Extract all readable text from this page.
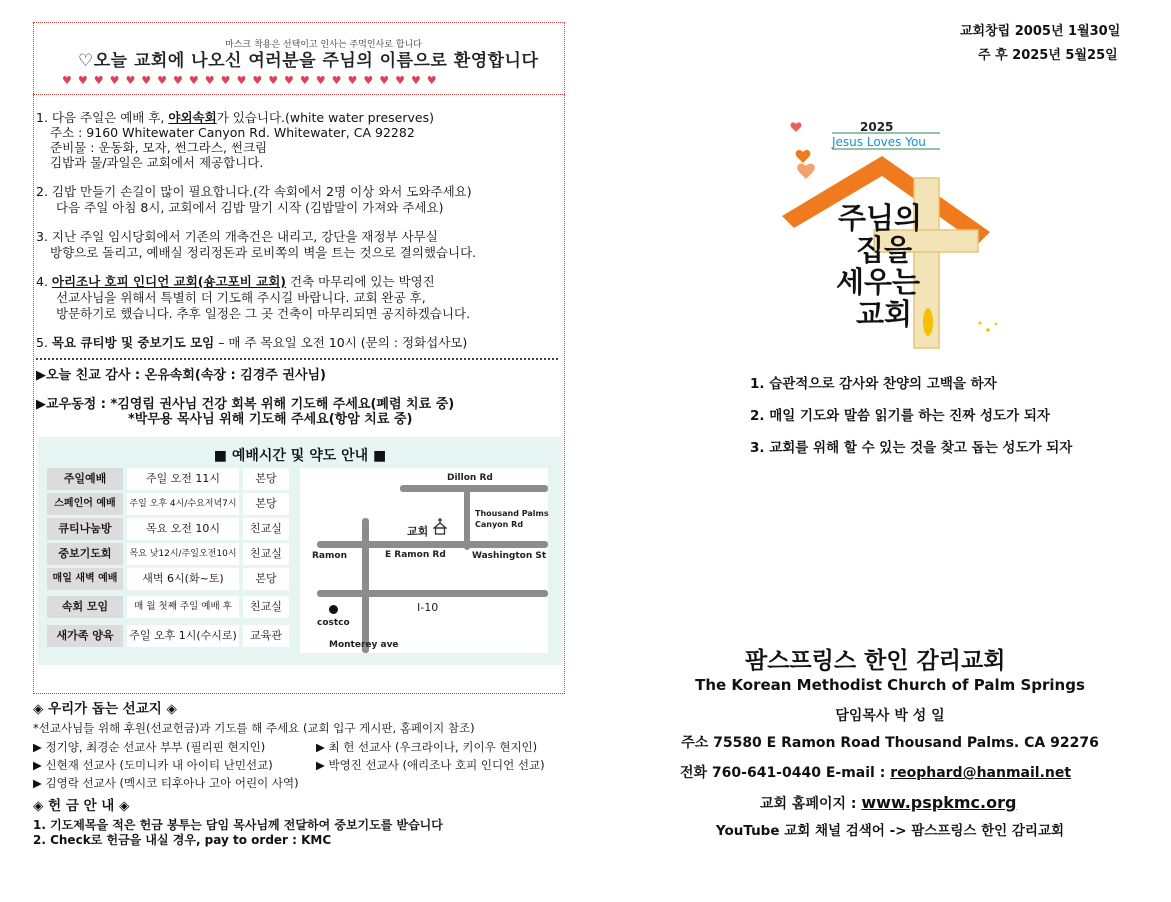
마스크 착용은 선택이고 인사는 주먹인사로 합니다
♡오늘 교회에 나오신 여러분을 주님의 이름으로 환영합니다
♥♥♥♥♥♥♥♥♥♥♥♥♥♥♥♥♥♥♥♥♥♥♥♥
1. 다음 주일은 예배 후, 야외속회가 있습니다.(white water preserves)
주소 : 9160 Whitewater Canyon Rd. Whitewater, CA 92282
준비물 : 운동화, 모자, 썬그라스, 썬크림
김밥과 물/과일은 교회에서 제공합니다.
2. 김밥 만들기 손길이 많이 필요합니다.(각 속회에서 2명 이상 와서 도와주세요)
다음 주일 아침 8시, 교회에서 김밥 말기 시작 (김밥말이 가져와 주세요)
3. 지난 주일 임시당회에서 기존의 개축건은 내리고, 강단을 재정부 사무실
방향으로 돌리고, 예배실 정리정돈과 로비쪽의 벽을 트는 것으로 결의했습니다.
4. 아리조나 호피 인디언 교회(숑고포비 교회) 건축 마무리에 있는 박영진
선교사님을 위해서 특별히 더 기도해 주시길 바랍니다. 교회 완공 후,
방문하기로 했습니다. 추후 일정은 그 곳 건축이 마무리되면 공지하겠습니다.
5. 목요 큐티방 및 중보기도 모임 – 매 주 목요일 오전 10시 (문의 : 정화섭사모)
▶오늘 친교 감사 : 온유속회(속장 : 김경주 권사님)
▶교우동정 : *김영림 권사님 건강 회복 위해 기도해 주세요(폐렴 치료 중)
*박무용 목사님 위해 기도해 주세요(항암 치료 중)
■ 예배시간 및 약도 안내 ■
주일예배	주일 오전 11시	본당
스페인어 예배	주일 오후 4시/수요저녁7시	본당
큐티나눔방	목요 오전 10시	친교실
중보기도회	목요 낮12시/주일오전10시	친교실
매일 새벽 예배	새벽 6시(화~토)	본당
속회 모임	매 월 첫째 주일 예배 후	친교실
새가족 양육	주일 오후 1시(수시로)	교육관
Dillon Rd
Thousand Palms
Canyon Rd
교회
Ramon	E Ramon Rd	Washington St
I-10
costco
Monterey ave
◈ 우리가 돕는 선교지 ◈
*선교사님들 위해 후원(선교헌금)과 기도를 해 주세요 (교회 입구 게시판, 홈페이지 참조)
▶ 정기양, 최경순 선교사 부부 (필리핀 현지인)	▶ 최 헌 선교사 (우크라이나, 키이우 현지인)
▶ 신현재 선교사 (도미니카 내 아이티 난민선교)	▶ 박영진 선교사 (애리조나 호피 인디언 선교)
▶ 김영락 선교사 (멕시코 티후아나 고아 어린이 사역)
◈ 헌 금 안 내 ◈
1. 기도제목을 적은 헌금 봉투는 담임 목사님께 전달하여 중보기도를 받습니다
2. Check로 헌금을 내실 경우, pay to order : KMC
교회창립 2005년 1월30일
주 후 2025년 5월25일
2025
Jesus Loves You
주님의
집을
세우는
교회
1. 습관적으로 감사와 찬양의 고백을 하자
2. 매일 기도와 말씀 읽기를 하는 진짜 성도가 되자
3. 교회를 위해 할 수 있는 것을 찾고 돕는 성도가 되자
팜스프링스 한인 감리교회
The Korean Methodist Church of Palm Springs
담임목사 박 성 일
주소 75580 E Ramon Road Thousand Palms. CA 92276
전화 760-641-0440 E-mail : reophard@hanmail.net
교회 홈페이지 : www.pspkmc.org
YouTube 교회 채널 검색어 -> 팜스프링스 한인 감리교회
